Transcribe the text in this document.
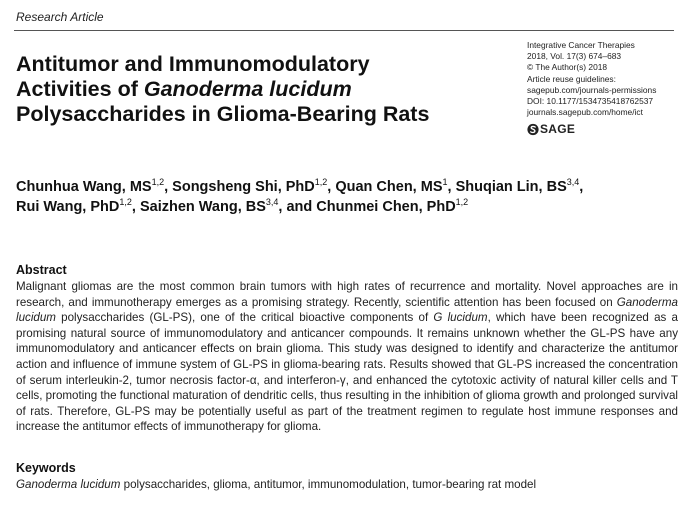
Research Article
Antitumor and Immunomodulatory
Activities of Ganoderma lucidum
Polysaccharides in Glioma-Bearing Rats
Integrative Cancer Therapies
2018, Vol. 17(3) 674–683
© The Author(s) 2018
Article reuse guidelines:
sagepub.com/journals-permissions
DOI: 10.1177/1534735418762537
journals.sagepub.com/home/ict
SAGE
Chunhua Wang, MS$^{1,2}$, Songsheng Shi, PhD$^{1,2}$, Quan Chen, $MS^1$, Shuqian Lin, BS$^{3,4}$,
Rui Wang, PhD$^{1,2}$, Saizhen Wang, BS$^{3,4}$, and Chunmei Chen, PhD$^{1,2}$
Abstract
Malignant gliomas are the most common brain tumors with high rates of recurrence and mortality. Novel approaches are in research, and immunotherapy emerges as a promising strategy. Recently, scientific attention has been focused on Ganoderma lucidum polysaccharides (GL-PS), one of the critical bioactive components of G lucidum, which have been recognized as a promising natural source of immunomodulatory and anticancer compounds. It remains unknown whether the GL-PS have any immunomodulatory and anticancer effects on brain glioma. This study was designed to identify and characterize the antitumor action and influence of immune system of GL-PS in glioma-bearing rats. Results showed that GL-PS increased the concentration of serum interleukin-2, tumor necrosis factor-α, and interferon-γ, and enhanced the cytotoxic activity of natural killer cells and T cells, promoting the functional maturation of dendritic cells, thus resulting in the inhibition of glioma growth and prolonged survival of rats. Therefore, GL-PS may be potentially useful as part of the treatment regimen to regulate host immune responses and increase the antitumor effects of immunotherapy for glioma.
Keywords
Ganoderma lucidum polysaccharides, glioma, antitumor, immunomodulation, tumor-bearing rat model
